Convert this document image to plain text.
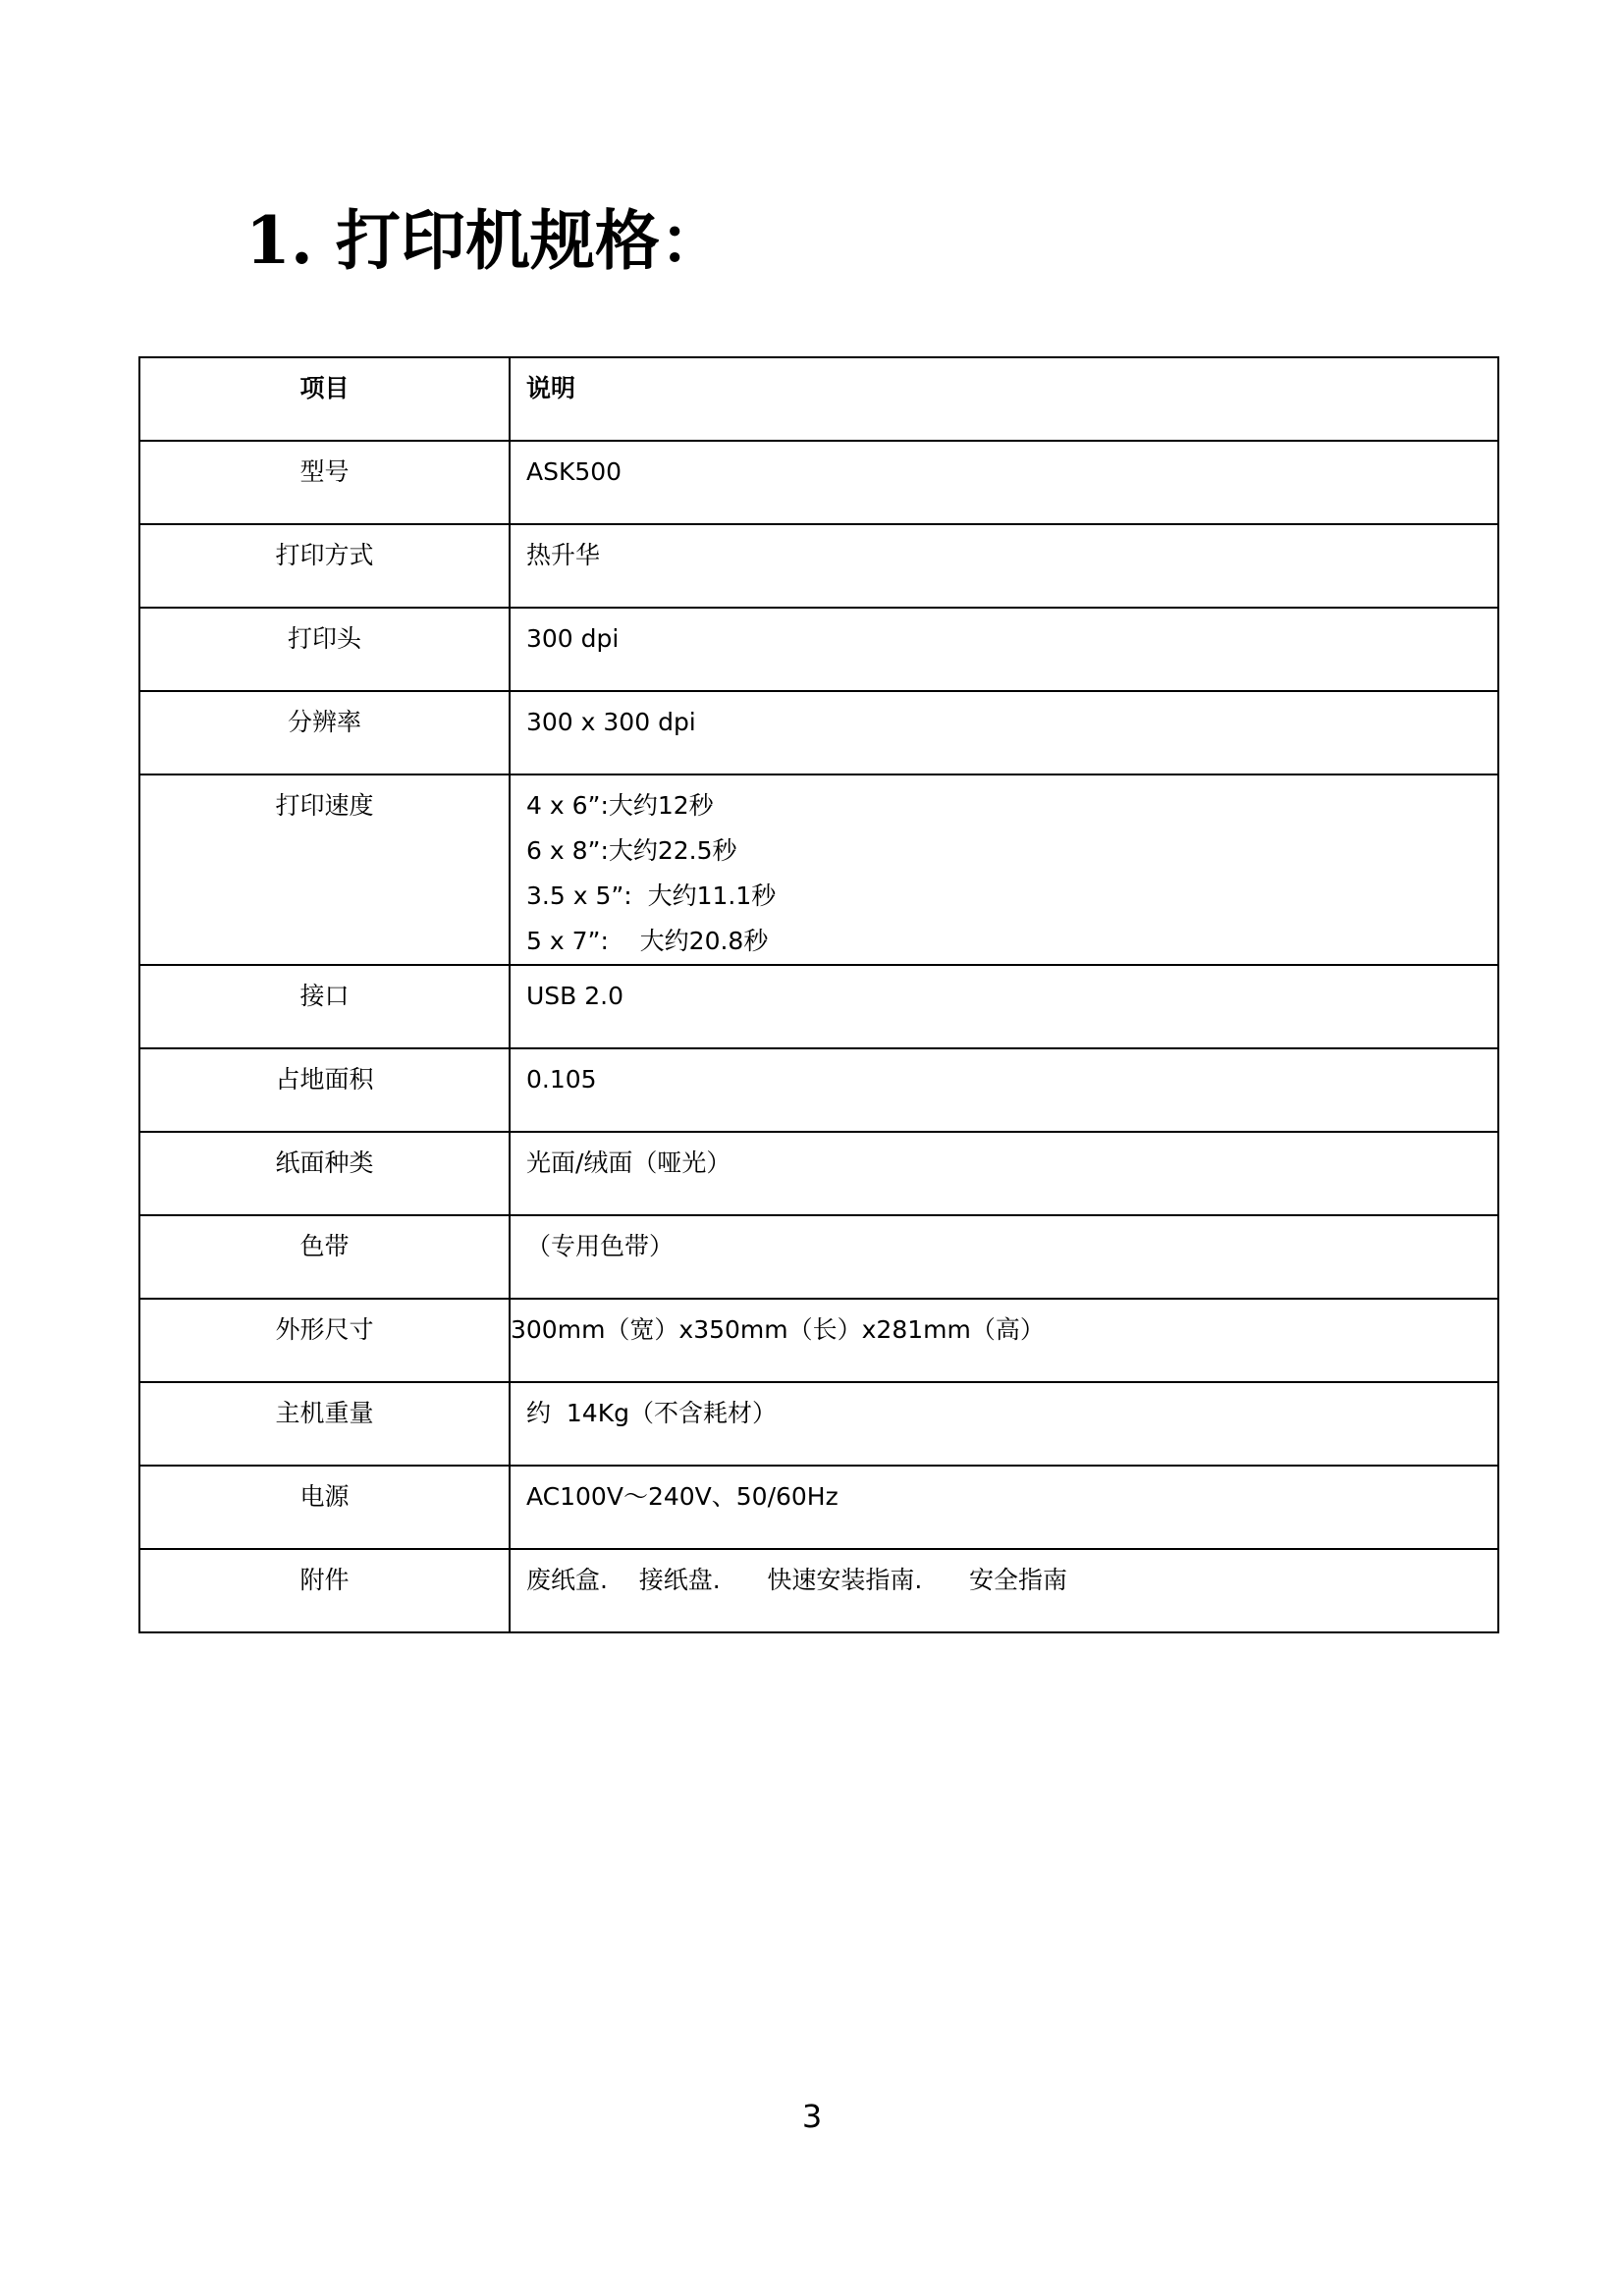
1. 打印机规格：
项目	说明
型号	ASK500

打印方式	热升华

打印头	300 dpi

分辨率	300 x 300 dpi

打印速度	4 x 6”:大约12秒
6 x 8”:大约22.5秒
3.5 x 5”:  大约11.1秒
5 x 7”:    大约20.8秒

接口	USB 2.0

占地面积	0.105

纸面种类	光面/绒面（哑光）

色带	（专用色带）

外形尺寸	300mm（宽）x350mm（长）x281mm（高）

主机重量	约  14Kg（不含耗材）

电源	AC100V～240V、50/60Hz

附件	废纸盒.    接纸盘.      快速安装指南.      安全指南
3
